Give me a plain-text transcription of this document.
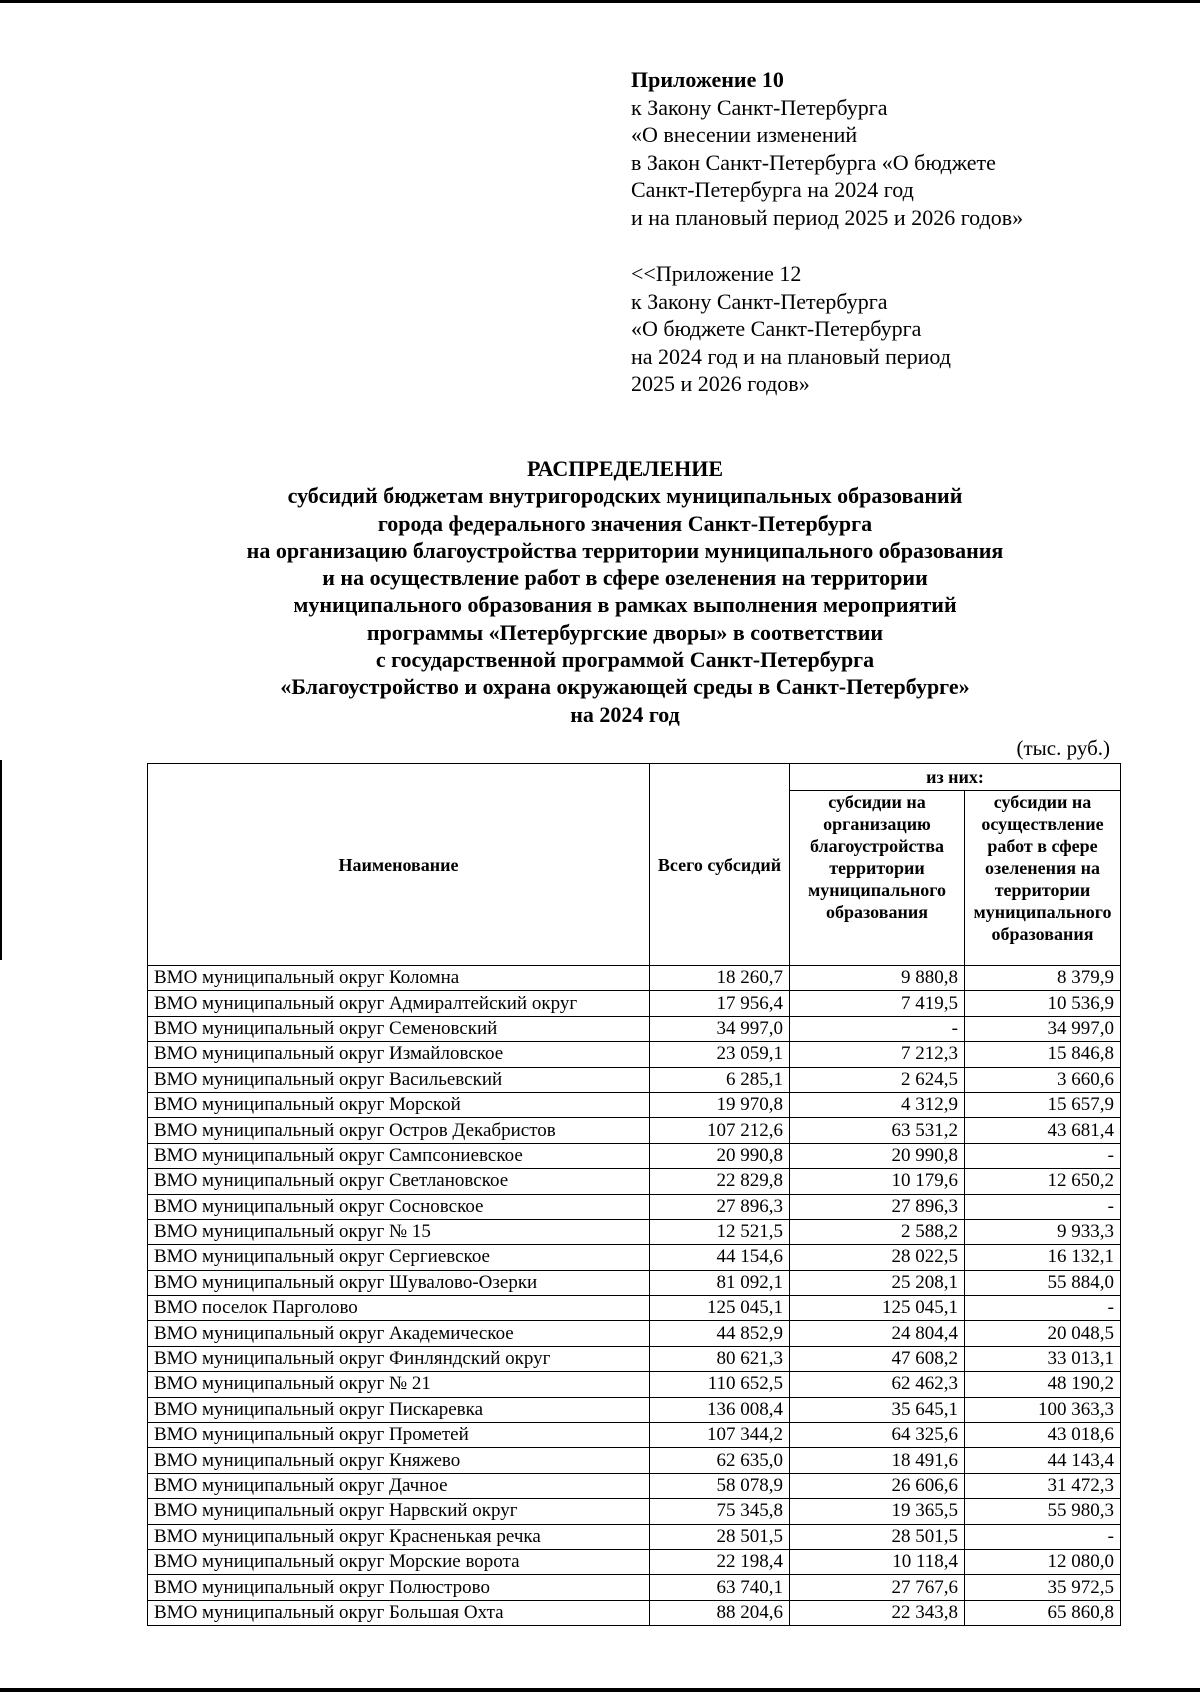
Приложение 10
к Закону Санкт-Петербурга
«О внесении изменений
в Закон Санкт-Петербурга «О бюджете
Санкт-Петербурга на 2024 год
и на плановый период 2025 и 2026 годов»
<<Приложение 12
к Закону Санкт-Петербурга
«О бюджете Санкт-Петербурга
на 2024 год и на плановый период
2025 и 2026 годов»
РАСПРЕДЕЛЕНИЕ
субсидий бюджетам внутригородских муниципальных образований
города федерального значения Санкт-Петербурга
на организацию благоустройства территории муниципального образования
и на осуществление работ в сфере озеленения на территории
муниципального образования в рамках выполнения мероприятий
программы «Петербургские дворы» в соответствии
с государственной программой Санкт-Петербурга
«Благоустройство и охрана окружающей среды в Санкт-Петербурге»
на 2024 год
(тыс. руб.)
Наименование	Всего субсидий	из них:	
		субсидии на организацию благоустройства территории муниципального образования	субсидии на осуществление работ в сфере озеленения на территории муниципального образования
ВМО муниципальный округ Коломна	18 260,7	9 880,8	8 379,9
ВМО муниципальный округ Адмиралтейский округ	17 956,4	7 419,5	10 536,9
ВМО муниципальный округ Семеновский	34 997,0	-	34 997,0
ВМО муниципальный округ Измайловское	23 059,1	7 212,3	15 846,8
ВМО муниципальный округ Васильевский	6 285,1	2 624,5	3 660,6
ВМО муниципальный округ Морской	19 970,8	4 312,9	15 657,9
ВМО муниципальный округ Остров Декабристов	107 212,6	63 531,2	43 681,4
ВМО муниципальный округ Сампсониевское	20 990,8	20 990,8	-
ВМО муниципальный округ Светлановское	22 829,8	10 179,6	12 650,2
ВМО муниципальный округ Сосновское	27 896,3	27 896,3	-
ВМО муниципальный округ № 15	12 521,5	2 588,2	9 933,3
ВМО муниципальный округ Сергиевское	44 154,6	28 022,5	16 132,1
ВМО муниципальный округ Шувалово-Озерки	81 092,1	25 208,1	55 884,0
ВМО поселок Парголово	125 045,1	125 045,1	-
ВМО муниципальный округ Академическое	44 852,9	24 804,4	20 048,5
ВМО муниципальный округ Финляндский округ	80 621,3	47 608,2	33 013,1
ВМО муниципальный округ № 21	110 652,5	62 462,3	48 190,2
ВМО муниципальный округ Пискаревка	136 008,4	35 645,1	100 363,3
ВМО муниципальный округ Прометей	107 344,2	64 325,6	43 018,6
ВМО муниципальный округ Княжево	62 635,0	18 491,6	44 143,4
ВМО муниципальный округ Дачное	58 078,9	26 606,6	31 472,3
ВМО муниципальный округ Нарвский округ	75 345,8	19 365,5	55 980,3
ВМО муниципальный округ Красненькая речка	28 501,5	28 501,5	-
ВМО муниципальный округ Морские ворота	22 198,4	10 118,4	12 080,0
ВМО муниципальный округ Полюстрово	63 740,1	27 767,6	35 972,5
ВМО муниципальный округ Большая Охта	88 204,6	22 343,8	65 860,8
